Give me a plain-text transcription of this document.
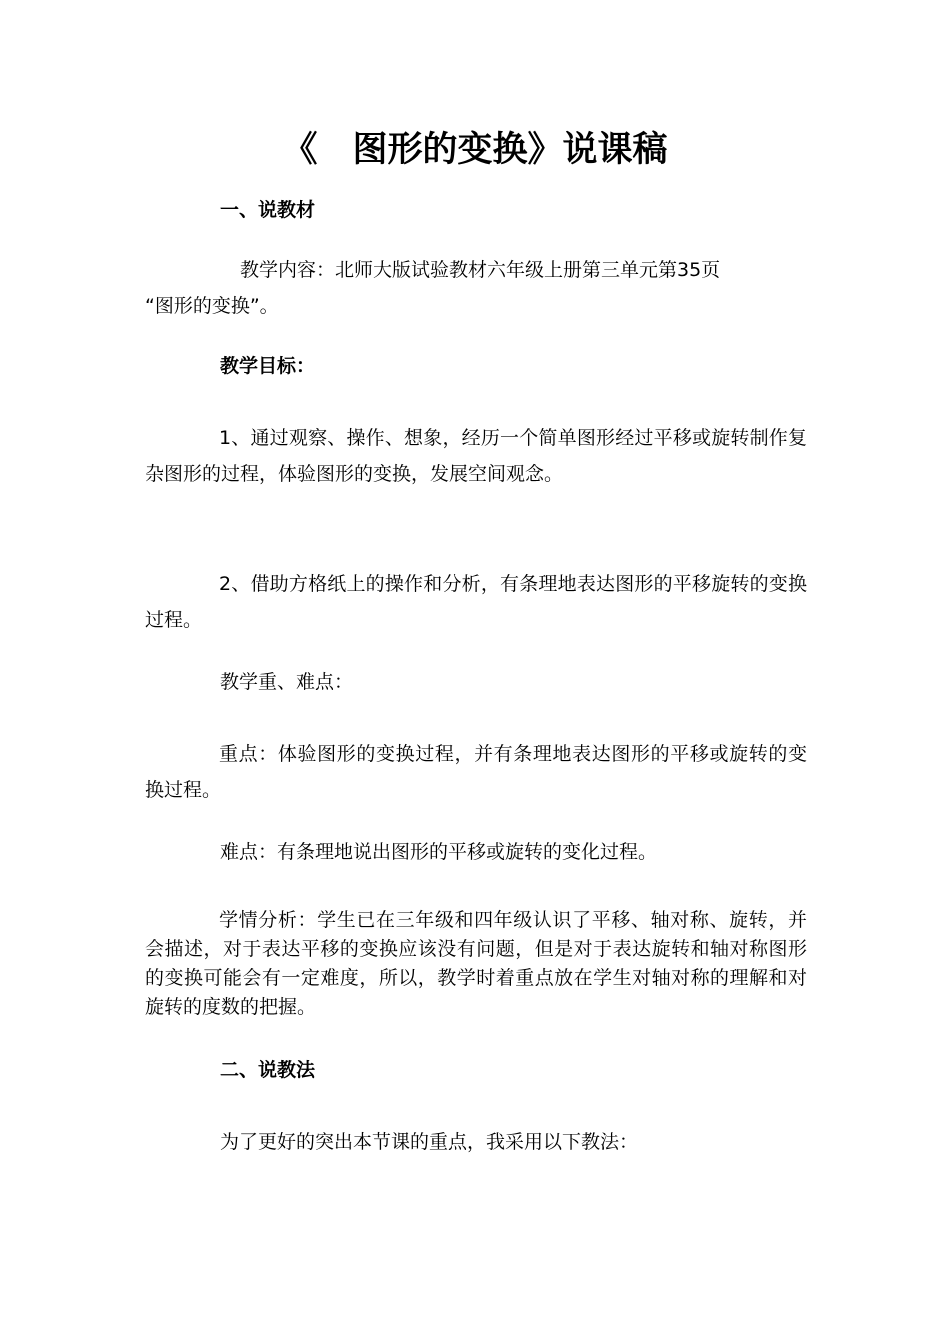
《　图形的变换》说课稿
一、说教材
教学内容：北师大版试验教材六年级上册第三单元第35页
“图形的变换”。
教学目标：
1、通过观察、操作、想象，经历一个简单图形经过平移或旋转制作复杂图形的过程，体验图形的变换，发展空间观念。
2、借助方格纸上的操作和分析，有条理地表达图形的平移旋转的变换过程。
教学重、难点：
重点：体验图形的变换过程，并有条理地表达图形的平移或旋转的变换过程。
难点：有条理地说出图形的平移或旋转的变化过程。
学情分析：学生已在三年级和四年级认识了平移、轴对称、旋转，并会描述，对于表达平移的变换应该没有问题，但是对于表达旋转和轴对称图形的变换可能会有一定难度，所以，教学时着重点放在学生对轴对称的理解和对旋转的度数的把握。
二、说教法
为了更好的突出本节课的重点，我采用以下教法：
